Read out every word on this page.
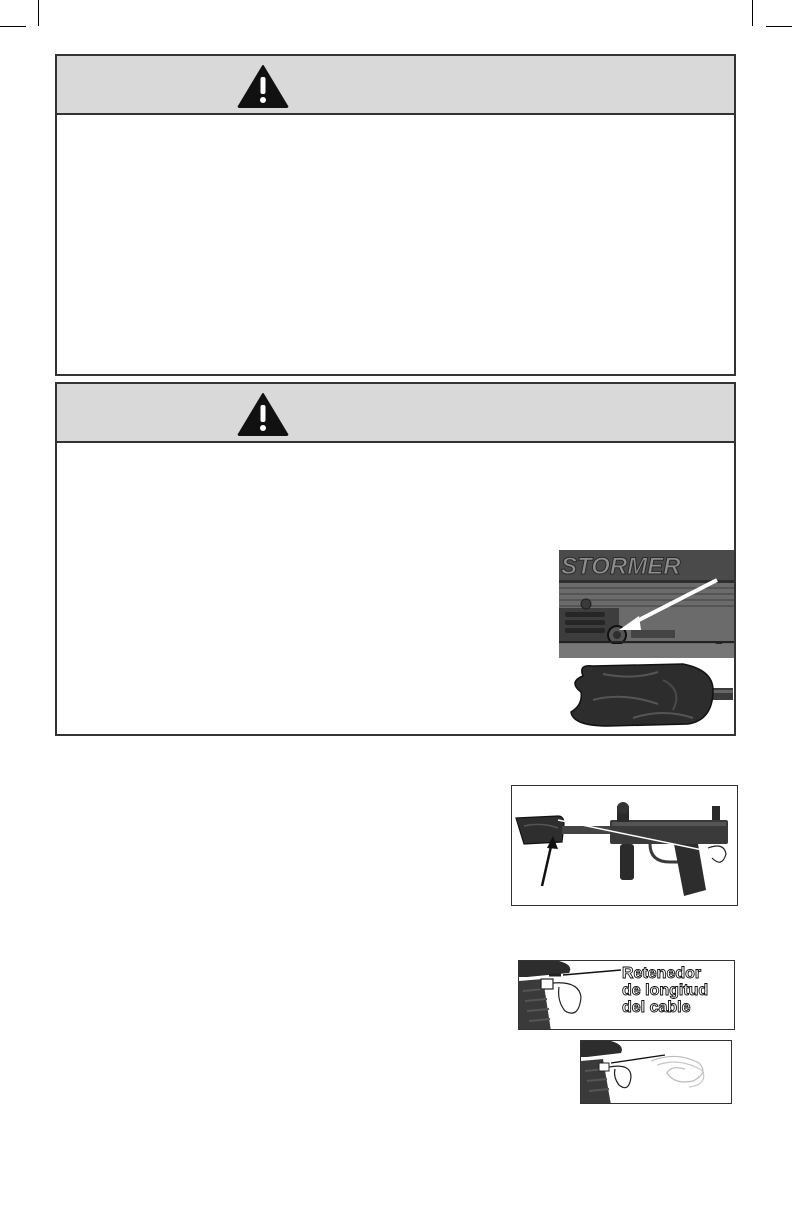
STORMER
Retenedor
de longitud
del cable
